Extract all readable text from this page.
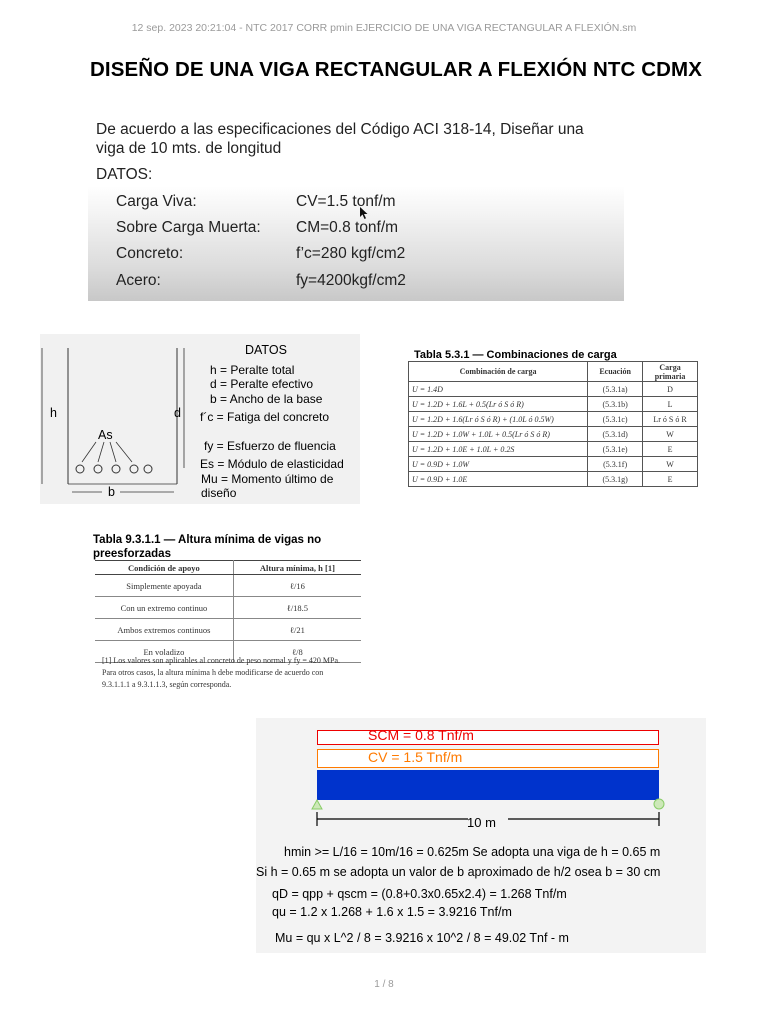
12 sep. 2023 20:21:04 - NTC 2017 CORR pmin EJERCICIO DE UNA VIGA RECTANGULAR A FLEXIÓN.sm
DISEÑO DE UNA VIGA RECTANGULAR A FLEXIÓN NTC CDMX
De acuerdo a las especificaciones del Código ACI 318-14, Diseñar una
viga de 10 mts. de longitud
DATOS:
Carga Viva:	CV=1.5 tonf/m
Sobre Carga Muerta: CM=0.8 tonf/m
Concreto:	f’c=280 kgf/cm2
Acero:	fy=4200kgf/cm2
h	d
As
b
DATOS
h = Peralte total
d = Peralte efectivo
b = Ancho de la base
f´c = Fatiga del concreto
fy = Esfuerzo de fluencia
Es = Módulo de elasticidad
Mu = Momento último de
diseño
Tabla 5.3.1 — Combinaciones de carga
Combinación de carga	Ecuación	Carga primaria
U = 1.4D	(5.3.1a)	D
U = 1.2D + 1.6L + 0.5(Lr ó S ó R)	(5.3.1b)	L
U = 1.2D + 1.6(Lr ó S ó R) + (1.0L ó 0.5W)	(5.3.1c)	Lr ó S ó R
U = 1.2D + 1.0W + 1.0L + 0.5(Lr ó S ó R)	(5.3.1d)	W
U = 1.2D + 1.0E + 1.0L + 0.2S	(5.3.1e)	E
U = 0.9D + 1.0W	(5.3.1f)	W
U = 0.9D + 1.0E	(5.3.1g)	E
Tabla 9.3.1.1 — Altura mínima de vigas no preesforzadas
Condición de apoyo	Altura mínima, h [1]
Simplemente apoyada	ℓ/16
Con un extremo continuo	ℓ/18.5
Ambos extremos continuos	ℓ/21
En voladizo	ℓ/8
[1] Los valores son aplicables al concreto de peso normal y fy = 420 MPa.
Para otros casos, la altura mínima h debe modificarse de acuerdo con
9.3.1.1.1 a 9.3.1.1.3, según corresponda.
SCM = 0.8 Tnf/m
CV = 1.5 Tnf/m
10 m
hmin >= L/16 = 10m/16 = 0.625m Se adopta una viga de h = 0.65 m
Si h = 0.65 m se adopta un valor de b aproximado de h/2 osea b = 30 cm
qD = qpp + qscm = (0.8+0.3x0.65x2.4) = 1.268 Tnf/m
qu = 1.2 x 1.268 + 1.6 x 1.5 = 3.9216 Tnf/m
Mu = qu x L^2 / 8 = 3.9216 x 10^2 / 8 = 49.02 Tnf - m
1 / 8
